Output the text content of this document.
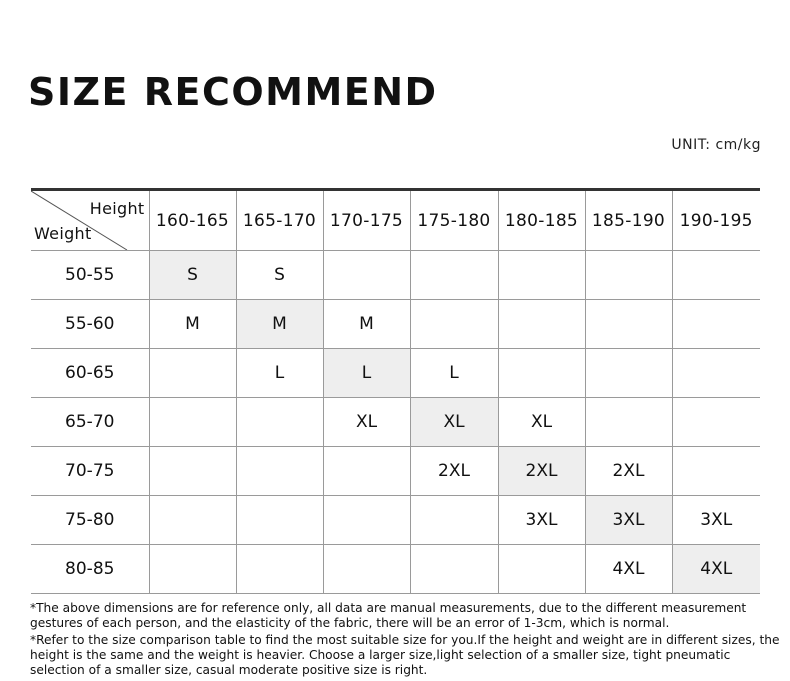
SIZE RECOMMEND
UNIT: cm/kg
Height
Weight	160-165	165-170	170-175	175-180	180-185	185-190	190-195
50-55	S	S					
55-60	M	M	M				
60-65		L	L	L			
65-70			XL	XL	XL		
70-75				2XL	2XL	2XL	
75-80					3XL	3XL	3XL
80-85						4XL	4XL

*The above dimensions are for reference only, all data are manual measurements, due to the different measurement gestures of each person, and the elasticity of the fabric, there will be an error of 1-3cm, which is normal.

*Refer to the size comparison table to find the most suitable size for you.If the height and weight are in different sizes, the height is the same and the weight is heavier. Choose a larger size,light selection of a smaller size, tight pneumatic selection of a smaller size, casual moderate positive size is right.
